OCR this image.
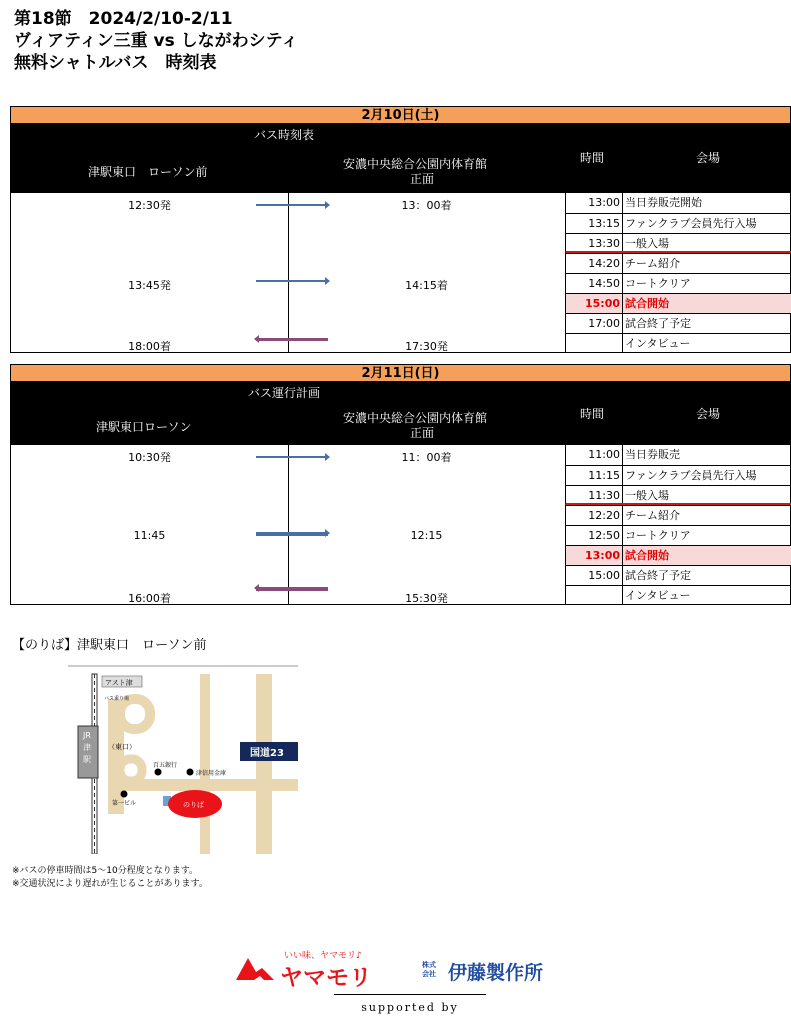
第18節　2024/2/10-2/11
ヴィアティン三重 vs しながわシティ
無料シャトルバス　時刻表
2月10日(土)
バス時刻表
津駅東口　ローソン前
安濃中央総合公園内体育館
正面
時間	会場
12:30発	13：00着
13:45発	14:15着
18:00着	17:30発
13:00 当日券販売開始
13:15 ファンクラブ会員先行入場
13:30 一般入場
14:20 チーム紹介
14:50 コートクリア
15:00 試合開始
17:00 試合終了予定
インタビュー
2月11日(日)
バス運行計画
津駅東口ローソン
安濃中央総合公園内体育館
正面
時間	会場
10:30発	11：00着
11:45	12:15
16:00着	15:30発
11:00 当日券販売
11:15 ファンクラブ会員先行入場
11:30 一般入場
12:20 チーム紹介
12:50 コートクリア
13:00 試合開始
15:00 試合終了予定
インタビュー
【のりば】津駅東口　ローソン前
アスト津
バス乗り場
JR
津
駅
（東口）
百五銀行
津信用金庫
第一ビル	のりば
国道23
※バスの停車時間は5～10分程度となります。
※交通状況により遅れが生じることがあります。
いい味、ヤマモリ♪
ヤマモリ	株式会社 伊藤製作所
supported by
